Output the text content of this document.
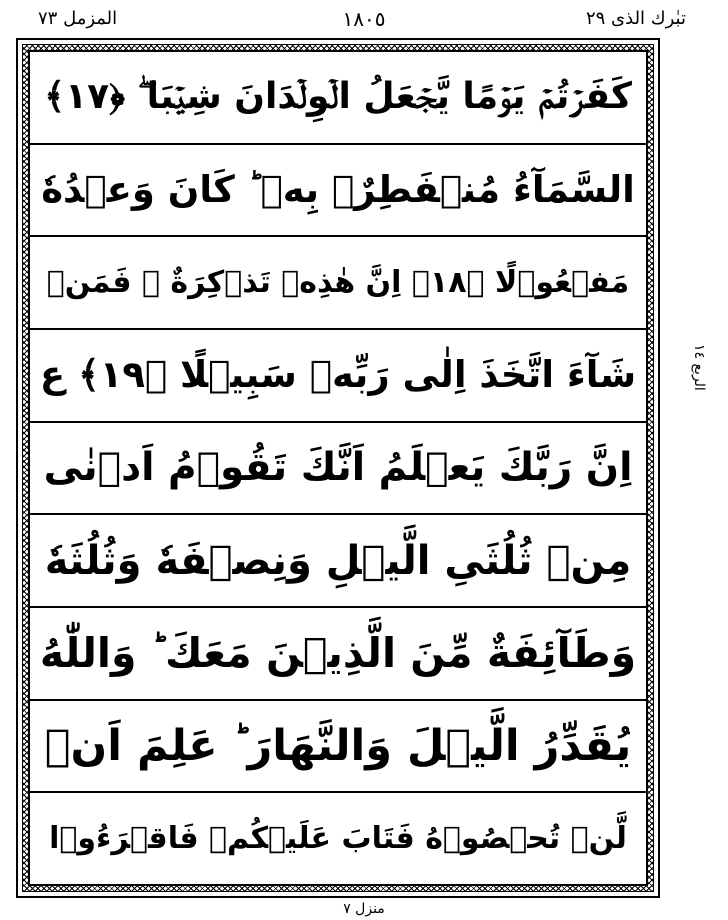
المزمل ٧٣	١٨٠٥	تبٰرك الذی ٢٩
كَفَرۡتُمۡ يَوۡمًا يَّجۡعَلُ الۡوِلۡدَانَ شِيۡبَا ۖ ﴿١٧﴾
السَّمَآءُ مُنۡفَطِرٌۢ بِهٖ ؕ كَانَ وَعۡدُهٗ
مَفۡعُوۡلًا ﴿١٨﴾ اِنَّ هٰذِهٖ تَذۡكِرَةٌ ۚ فَمَنۡ
شَآءَ اتَّخَذَ اِلٰى رَبِّهٖ سَبِيۡلًا ﴿١٩﴾ ع
اِنَّ رَبَّكَ يَعۡلَمُ اَنَّكَ تَقُوۡمُ اَدۡنٰى
مِنۡ ثُلُثَىِ الَّيۡلِ وَنِصۡفَهٗ وَثُلُثَهٗ
وَطَآئِفَةٌ مِّنَ الَّذِيۡنَ مَعَكَ ؕ وَاللّٰهُ
يُقَدِّرُ الَّيۡلَ وَالنَّهَارَ ؕ عَلِمَ اَنۡ
لَّنۡ تُحۡصُوۡهُ فَتَابَ عَلَيۡكُمۡ فَاقۡرَءُوۡا
الربع ١٤
منزل ٧
